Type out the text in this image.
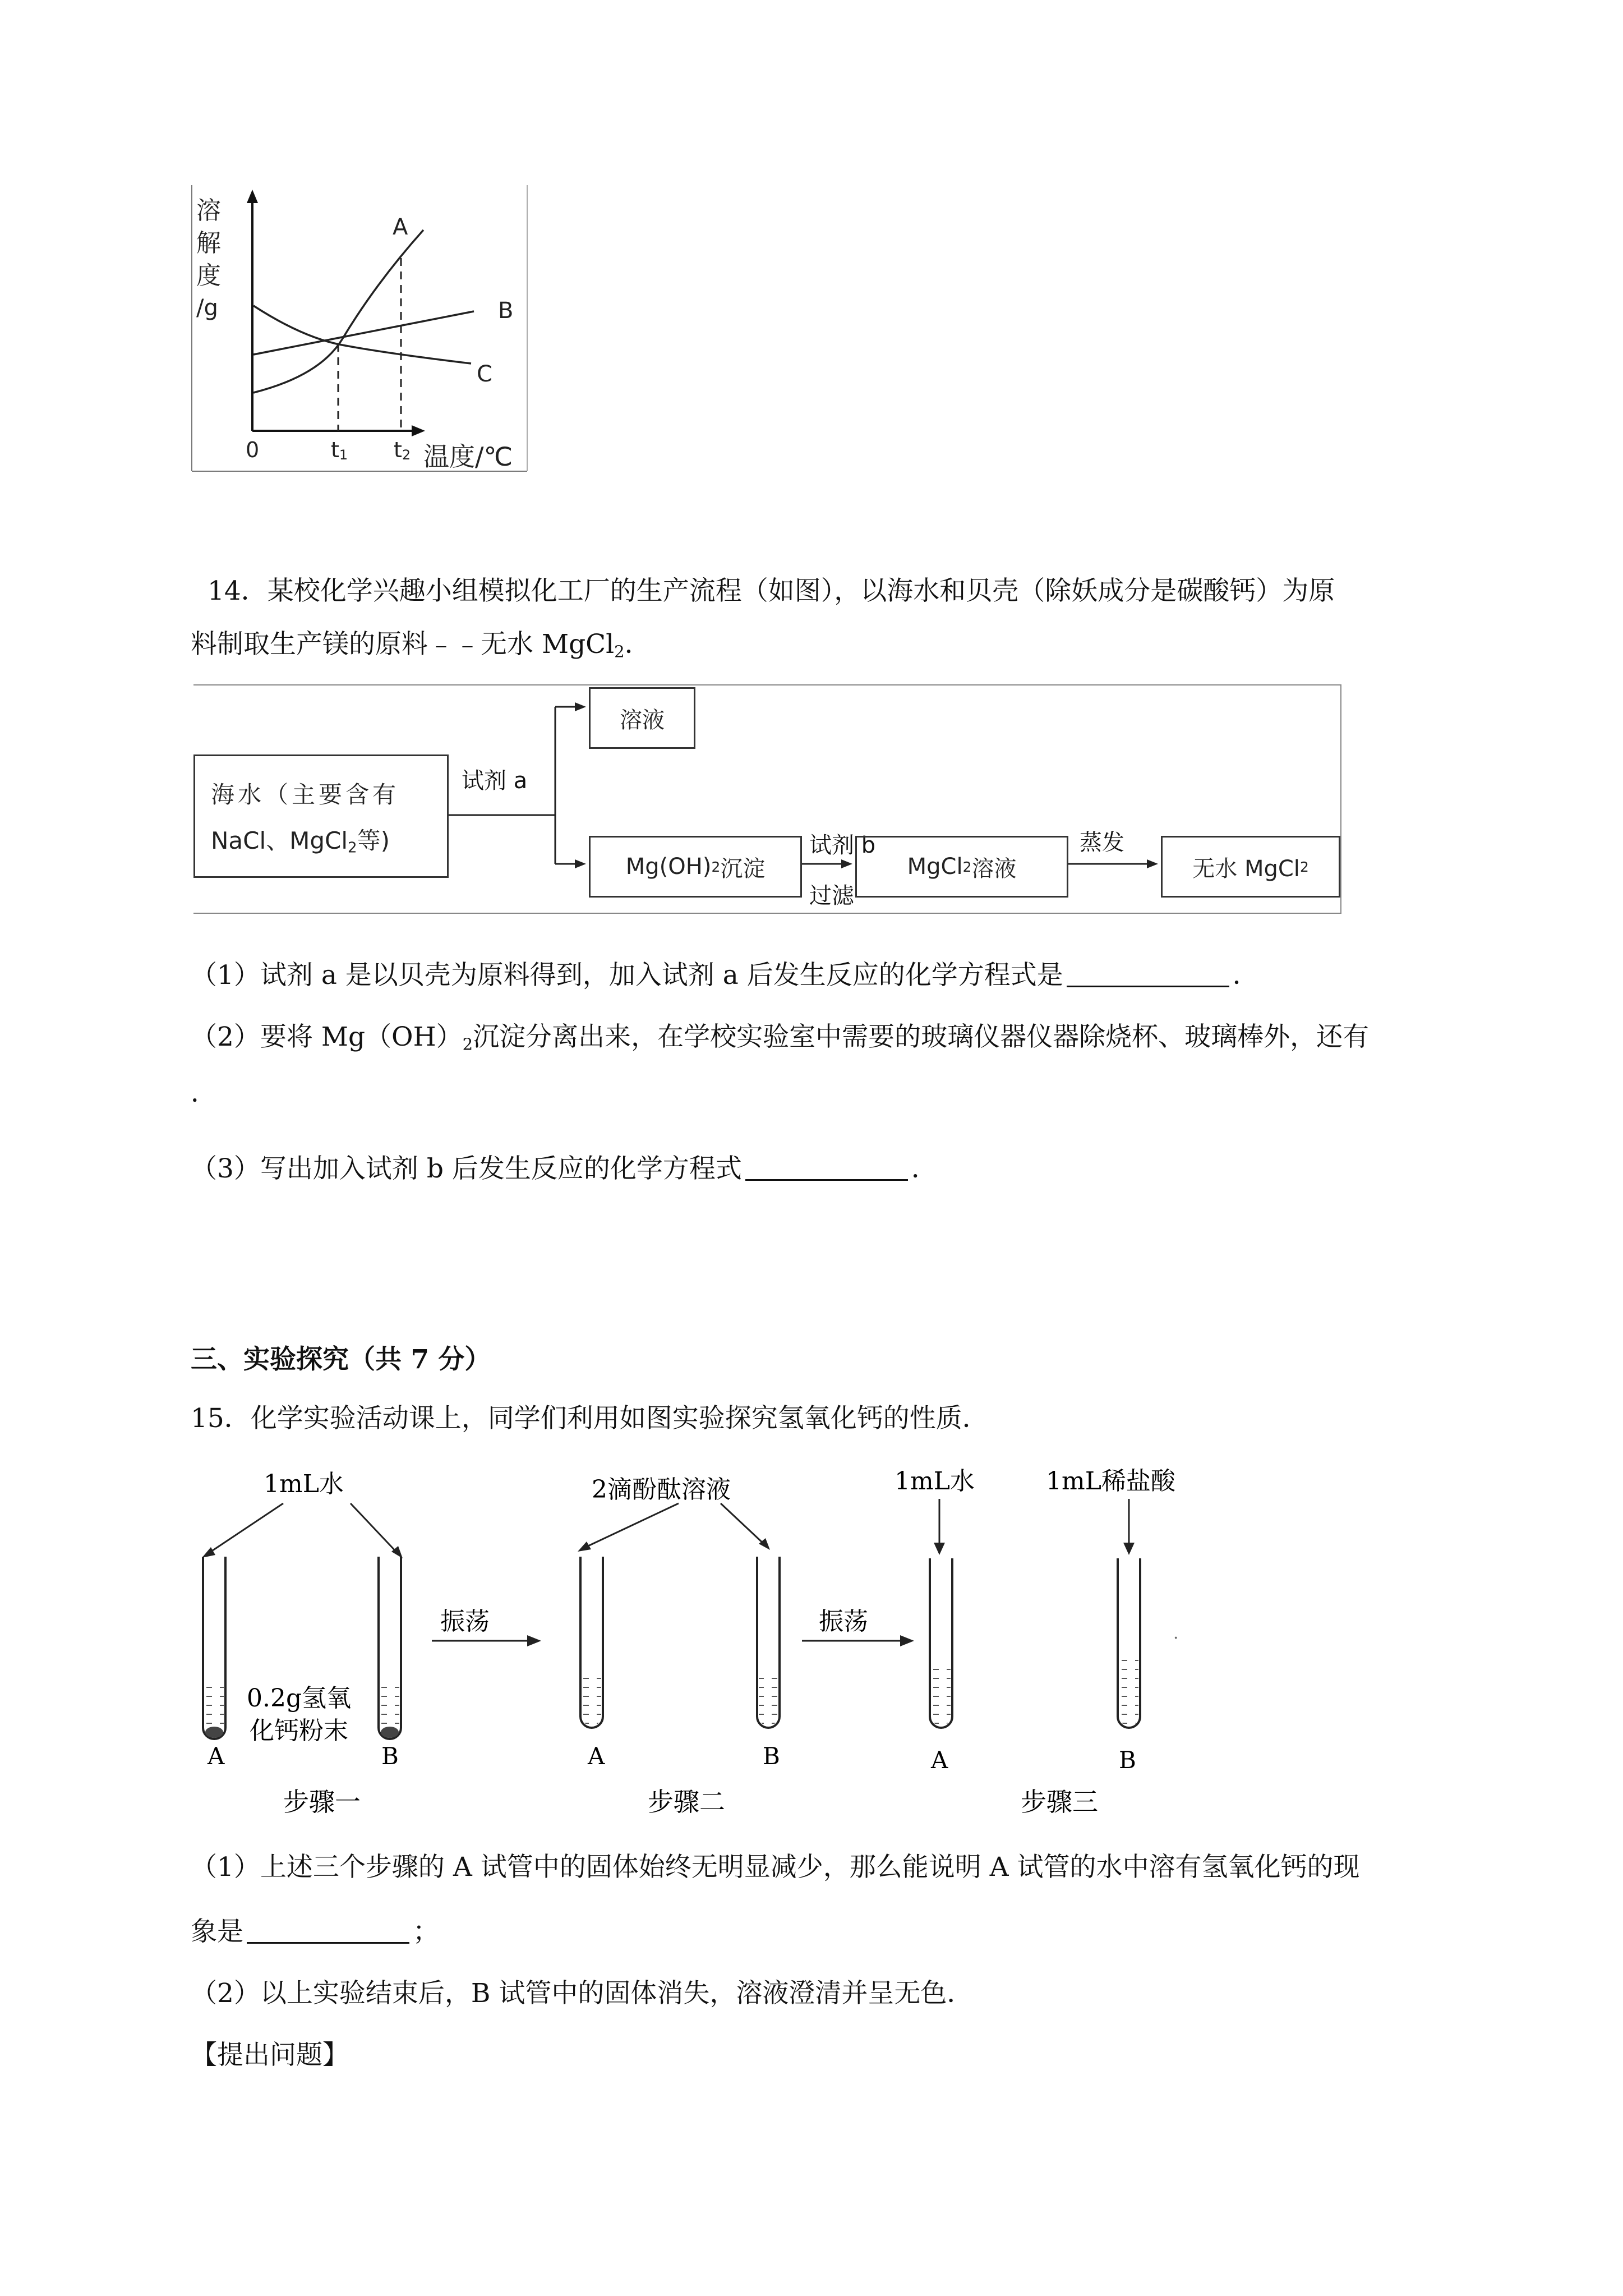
溶
解
度
/g
A
B
C
0	t1 t2 温度/℃
14．某校化学兴趣小组模拟化工厂的生产流程（如图），以海水和贝壳（除妖成分是碳酸钙）为原
料制取生产镁的原料﹣﹣无水 MgCl$_2$．
海水（主要含有
NaCl、MgCl$_2$等)
试剂 a
溶液
Mg(OH) 2 沉淀
试剂 b
过滤
MgCl 2 溶液
蒸发
无水 MgCl 2
（1）试剂 a 是以贝壳为原料得到，加入试剂 a 后发生反应的化学方程式是	．
（2）要将 $Mg(OH)_2$沉淀分离出来，在学校实验室中需要的玻璃仪器仪器除烧杯、玻璃棒外，还有
．
（3）写出加入试剂 b 后发生反应的化学方程式	．
三、实验探究（共 7 分）
15．化学实验活动课上，同学们利用如图实验探究氢氧化钙的性质．
·
1mL水
0.2g氢氧
化钙粉末
振荡
2滴酚酞溶液
振荡
1mL水	1mL稀盐酸
A	B	A	B	A	B
步骤一	步骤二	步骤三
（1）上述三个步骤的 A 试管中的固体始终无明显减少，那么能说明 A 试管的水中溶有氢氧化钙的现
象是	；
（2）以上实验结束后，B 试管中的固体消失，溶液澄清并呈无色．
【提出问题】
